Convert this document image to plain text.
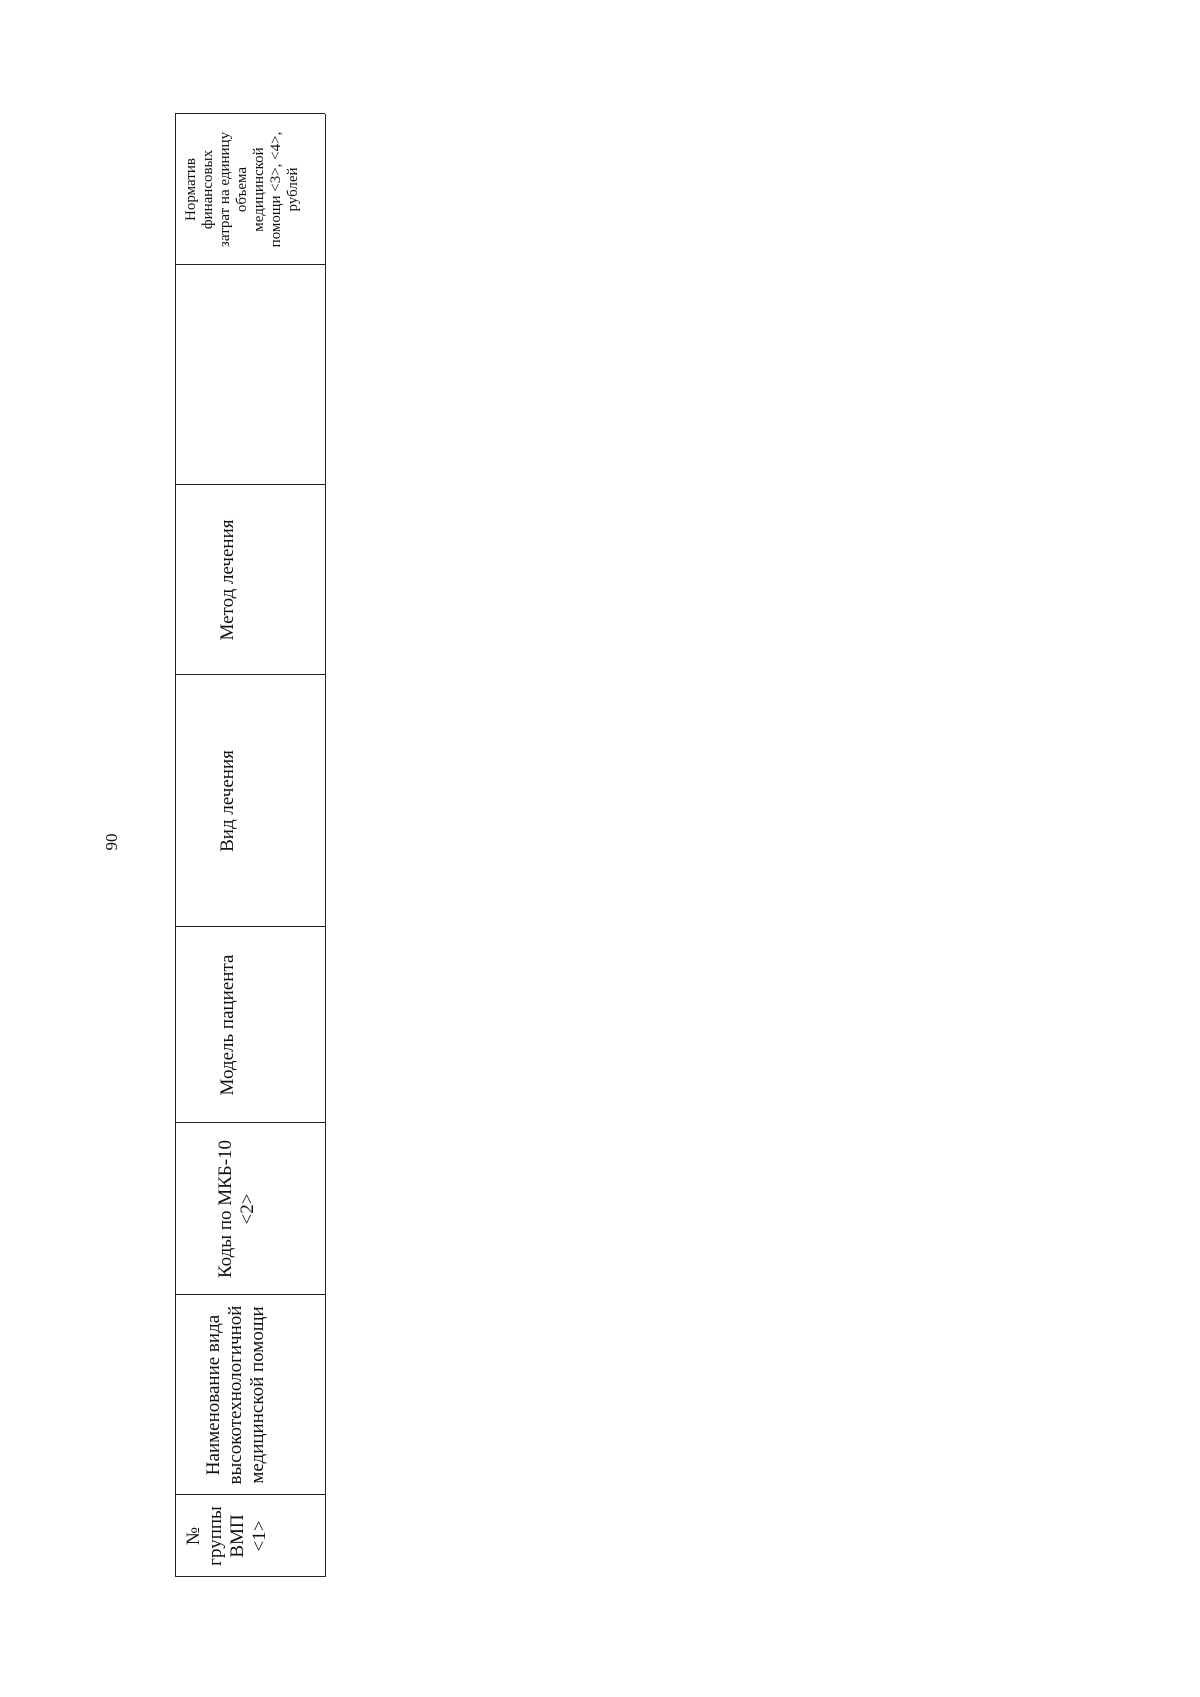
90
№
группы
ВМП
<1>
Наименование вида
высокотехнологичной
медицинской помощи
Коды по МКБ-10
<2>
Модель пациента
Вид лечения
Метод лечения
Норматив
финансовых
затрат на единицу
объема
медицинской
помощи <3>, <4>,
рублей
